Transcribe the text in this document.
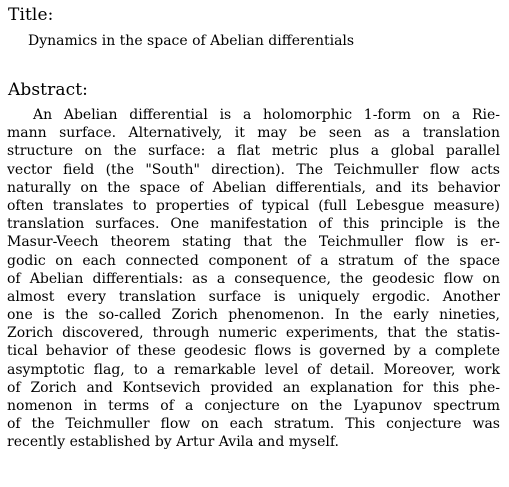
Title:
Dynamics in the space of Abelian differentials
Abstract:
An Abelian differential is a holomorphic 1-form on a Rie-
mann surface. Alternatively, it may be seen as a translation
structure on the surface: a flat metric plus a global parallel
vector field (the "South" direction). The Teichmuller flow acts
naturally on the space of Abelian differentials, and its behavior
often translates to properties of typical (full Lebesgue measure)
translation surfaces. One manifestation of this principle is the
Masur-Veech theorem stating that the Teichmuller flow is er-
godic on each connected component of a stratum of the space
of Abelian differentials: as a consequence, the geodesic flow on
almost every translation surface is uniquely ergodic. Another
one is the so-called Zorich phenomenon. In the early nineties,
Zorich discovered, through numeric experiments, that the statis-
tical behavior of these geodesic flows is governed by a complete
asymptotic flag, to a remarkable level of detail. Moreover, work
of Zorich and Kontsevich provided an explanation for this phe-
nomenon in terms of a conjecture on the Lyapunov spectrum
of the Teichmuller flow on each stratum. This conjecture was
recently established by Artur Avila and myself.
